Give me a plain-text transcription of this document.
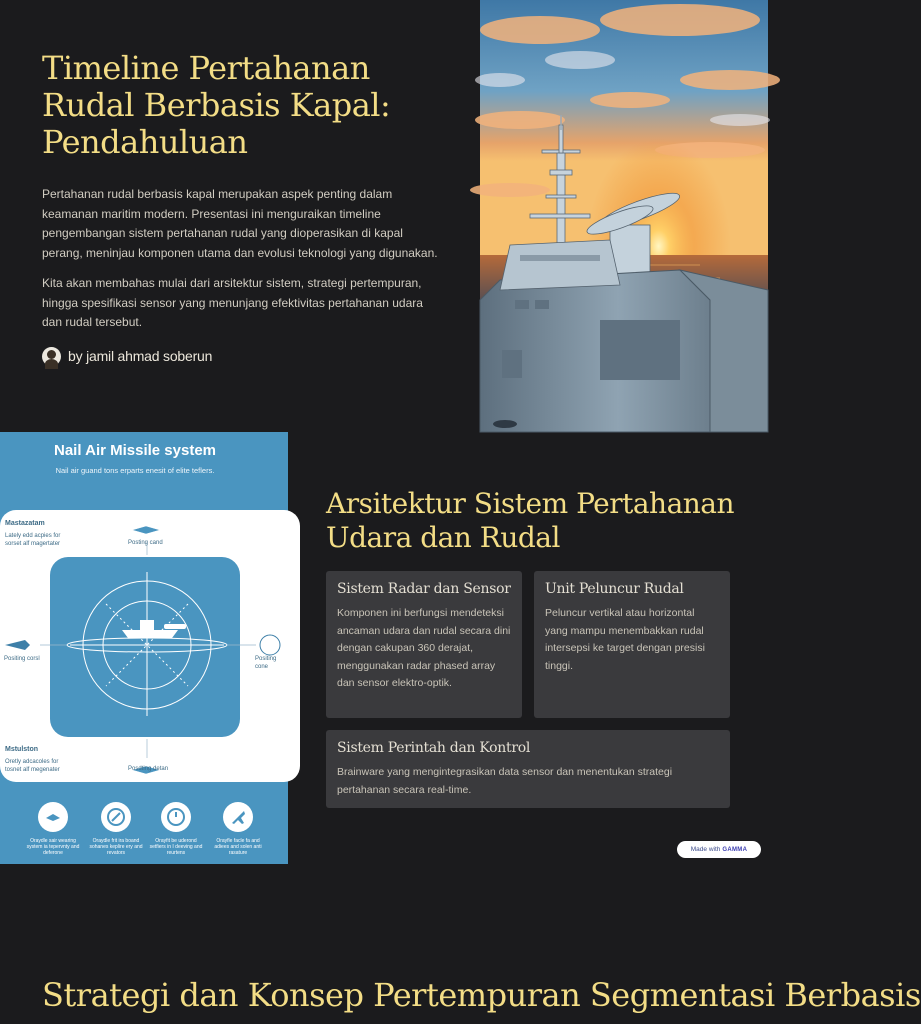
Timeline Pertahanan Rudal Berbasis Kapal: Pendahuluan

Pertahanan rudal berbasis kapal merupakan aspek penting dalam keamanan maritim modern. Presentasi ini menguraikan timeline pengembangan sistem pertahanan rudal yang dioperasikan di kapal perang, meninjau komponen utama dan evolusi teknologi yang digunakan.

Kita akan membahas mulai dari arsitektur sistem, strategi pertempuran, hingga spesifikasi sensor yang menunjang efektivitas pertahanan udara dan rudal tersebut.

by jamil ahmad soberun
Nail Air Missile system
Nail air guand tons erparts enesit of elite teflers.
Mastazatam
Lately edd acpies for sorset alf magertater	Posting cand
Positing corsl	Positing cone
Mstulston
Oretly adcacoles for tosnet alf megenater	Posdting detan
Oraydle sair wearing system ia tepervnty and deferone
Oraydle frit ira boand sohanes keplire ery and revators
Orayfit be uderond setfiers in I deeving and reurtens
Orayfle facle fa and adiees and solen anti rasature
Arsitektur Sistem Pertahanan Udara dan Rudal
Sistem Radar dan Sensor
Komponen ini berfungsi mendeteksi ancaman udara dan rudal secara dini dengan cakupan 360 derajat, menggunakan radar phased array dan sensor elektro-optik.
Unit Peluncur Rudal
Peluncur vertikal atau horizontal yang mampu menembakkan rudal intersepsi ke target dengan presisi tinggi.
Sistem Perintah dan Kontrol
Brainware yang mengintegrasikan data sensor dan menentukan strategi pertahanan secara real-time.
Made with GAMMA
Strategi dan Konsep Pertempuran Segmentasi Berbasis
